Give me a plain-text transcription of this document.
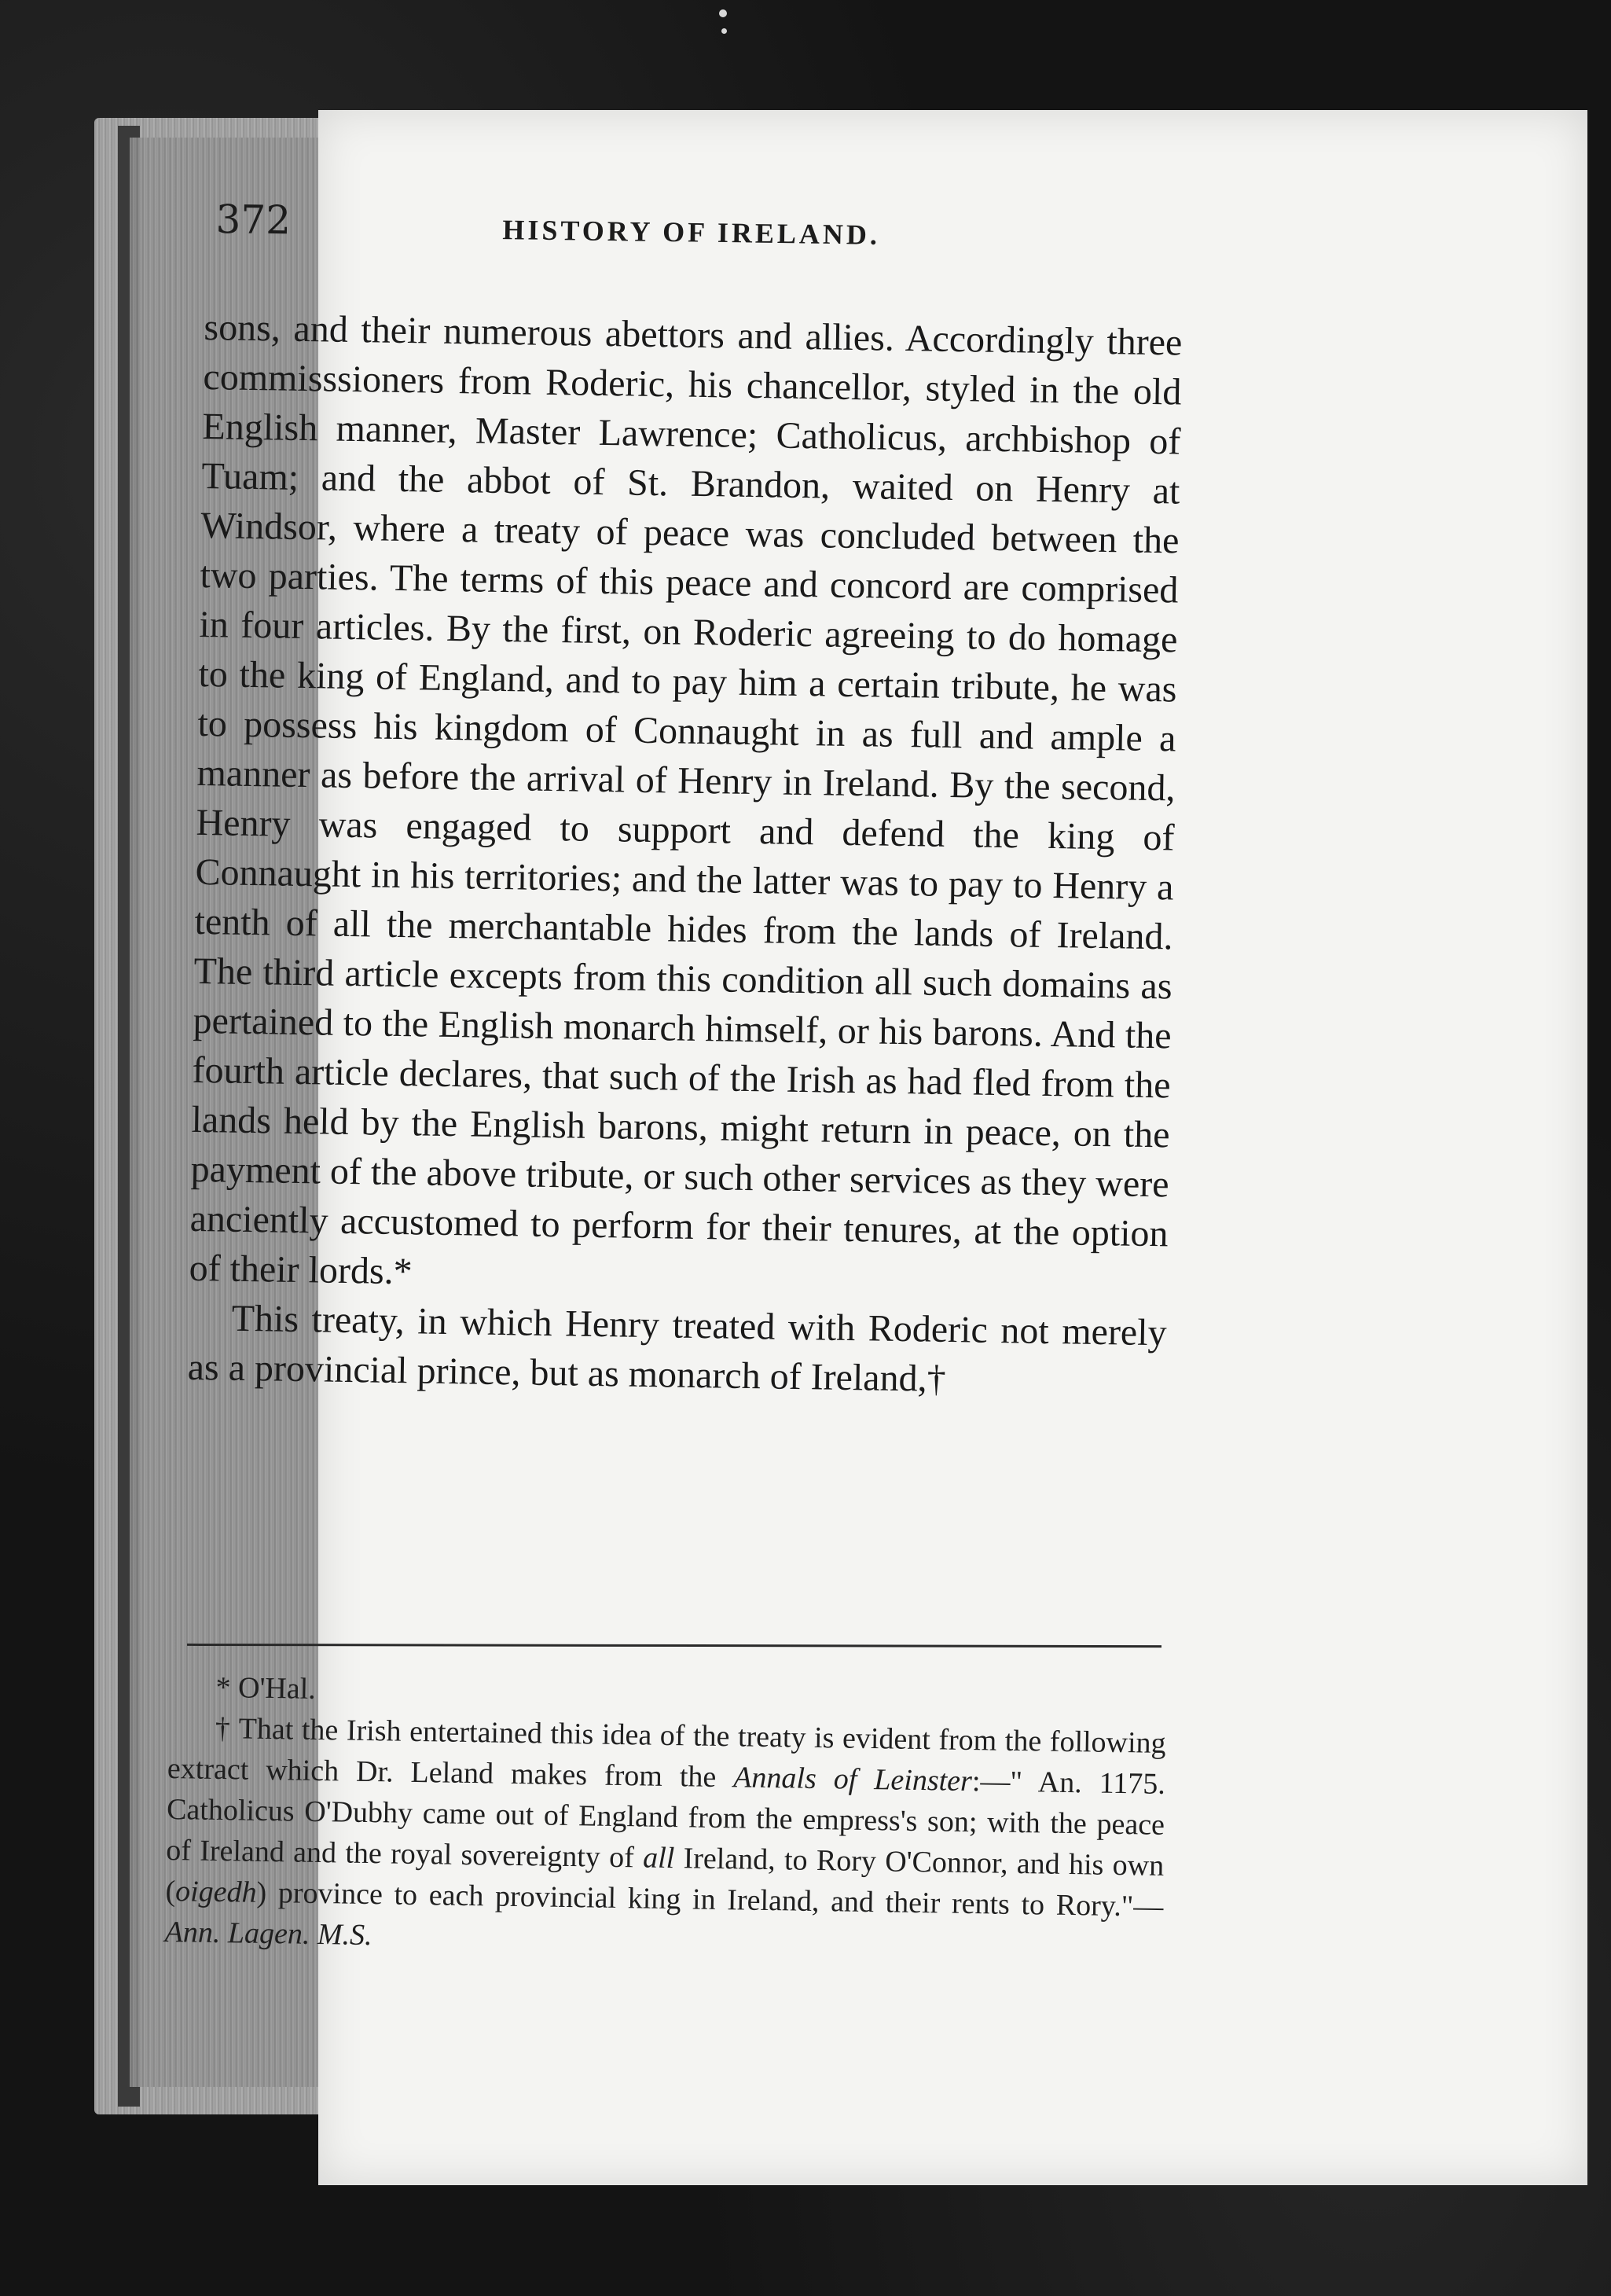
372	HISTORY OF IRELAND.

sons, and their numerous abettors and allies. Accordingly three commisssioners from Roderic, his chancellor, styled in the old English manner, Master Lawrence; Catholicus, archbishop of Tuam; and the abbot of St. Brandon, waited on Henry at Windsor, where a treaty of peace was concluded between the two parties. The terms of this peace and concord are comprised in four articles. By the first, on Roderic agreeing to do homage to the king of England, and to pay him a certain tribute, he was to possess his kingdom of Connaught in as full and ample a manner as before the arrival of Henry in Ireland. By the second, Henry was engaged to support and defend the king of Connaught in his territories; and the latter was to pay to Henry a tenth of all the merchantable hides from the lands of Ireland. The third article excepts from this condition all such domains as pertained to the English monarch himself, or his barons. And the fourth article declares, that such of the Irish as had fled from the lands held by the English barons, might return in peace, on the payment of the above tribute, or such other services as they were anciently accustomed to perform for their tenures, at the option of their lords.*

This treaty, in which Henry treated with Roderic not merely as a provincial prince, but as monarch of Ireland,†

* O'Hal.

† That the Irish entertained this idea of the treaty is evident from the following extract which Dr. Leland makes from the Annals of Leinster:—" An. 1175. Catholicus O'Dubhy came out of England from the empress's son; with the peace of Ireland and the royal sovereignty of all Ireland, to Rory O'Connor, and his own (oigedh) province to each provincial king in Ireland, and their rents to Rory."—Ann. Lagen. M.S.
